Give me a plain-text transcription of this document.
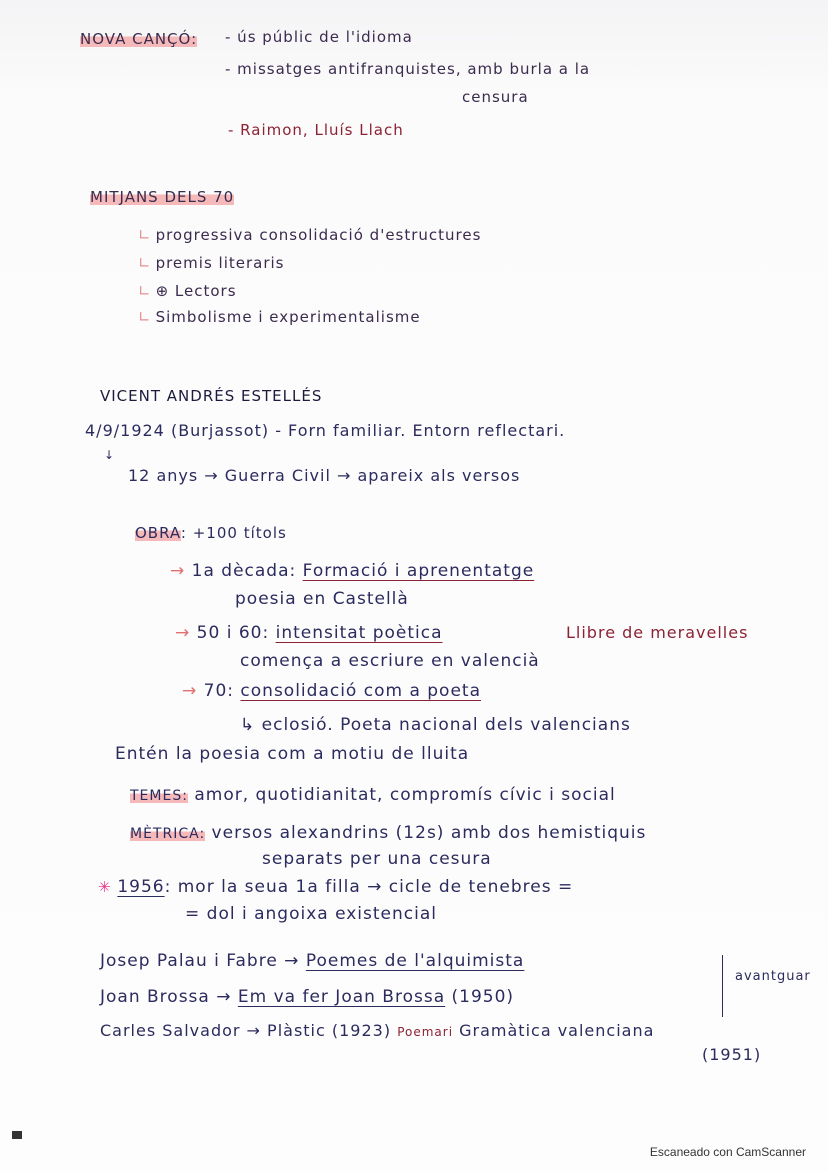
NOVA CANÇÓ: - ús públic de l'idioma
- missatges antifranquistes, amb burla a la
censura
- Raimon, Lluís Llach
MITJANS DELS 70
∟ progressiva consolidació d'estructures
∟ premis literaris
∟ ⊕ Lectors
∟ Simbolisme i experimentalisme
VICENT ANDRÉS ESTELLÉS
4/9/1924 (Burjassot) - Forn familiar. Entorn reflectari.
↓
12 anys → Guerra Civil → apareix als versos
OBRA: +100 títols
→ 1a dècada: Formació i aprenentatge
poesia en Castellà
→ 50 i 60: intensitat poètica	Llibre de meravelles
comença a escriure en valencià
→ 70: consolidació com a poeta
↳ eclosió. Poeta nacional dels valencians
Entén la poesia com a motiu de lluita
TEMES: amor, quotidianitat, compromís cívic i social
MÈTRICA: versos alexandrins (12s) amb dos hemistiquis
separats per una cesura
✳ 1956: mor la seua 1a filla → cicle de tenebres =
= dol i angoixa existencial
Josep Palau i Fabre → Poemes de l'alquimista
Joan Brossa → Em va fer Joan Brossa (1950)
avantguar
Carles Salvador → Plàstic (1923) Poemari Gramàtica valenciana
(1951)
Escaneado con CamScanner
